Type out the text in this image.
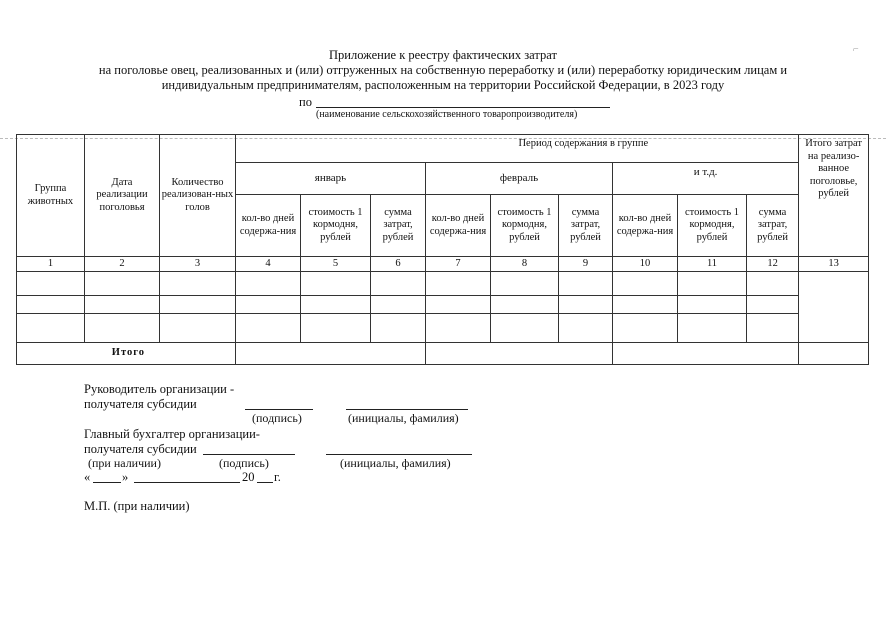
⌐
Приложение к реестру фактических затрат
на поголовье овец, реализованных и (или) отгруженных на собственную переработку и (или) переработку юридическим лицам и
индивидуальным предпринимателям, расположенным на территории Российской Федерации, в 2023 году
по
(наименование сельскохозяйственного товаропроизводителя)
Группа животных	Дата реализации поголовья	Количество реализован-ных голов	Период содержания в группе									Итого затрат на реализо-ванное поголовье, рублей
			январь			февраль			и т.д.			
			кол-во дней содержа-ния	стоимость 1 кормодня, рублей	сумма затрат, рублей	кол-во дней содержа-ния	стоимость 1 кормодня, рублей	сумма затрат, рублей	кол-во дней содержа-ния	стоимость 1 кормодня, рублей	сумма затрат, рублей	
1	2	3	4	5	6	7	8	9	10	11	12	13

Итого												
Руководитель организации -
получателя субсидии
(подпись)	(инициалы, фамилия)
Главный бухгалтер организации-
получателя субсидии
(при наличии)	(подпись)	(инициалы, фамилия)
«	»	20 г.
М.П. (при наличии)
